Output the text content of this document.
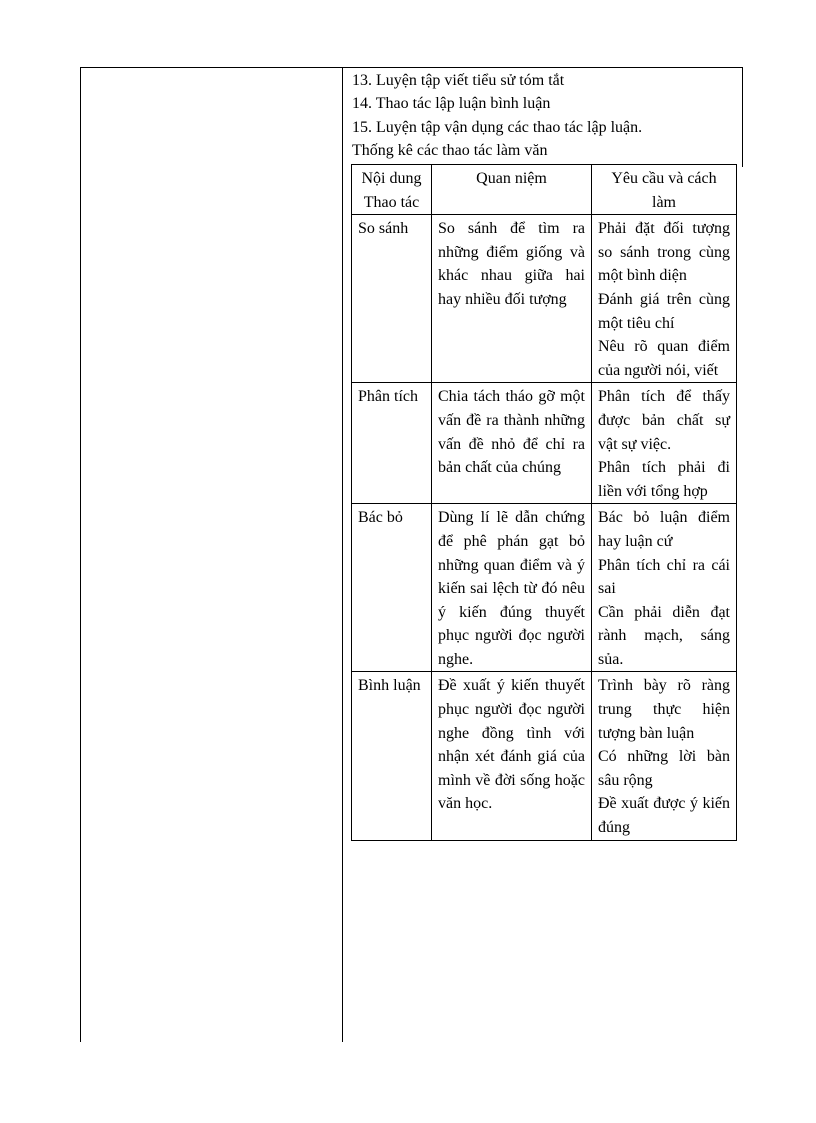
13. Luyện tập viết tiểu sử tóm tắt
14. Thao tác lập luận bình luận
15. Luyện tập vận dụng các thao tác lập luận.
Thống kê các thao tác làm văn
Nội dung Thao tác	Quan niệm	Yêu cầu và cách làm
So sánh	So sánh để tìm ra những điểm giống và khác nhau giữa hai hay nhiều đối tượng	Phải đặt đối tượng so sánh trong cùng một bình diện
Đánh giá trên cùng một tiêu chí
Nêu rõ quan điểm của người nói, viết

Phân tích	Chia tách tháo gỡ một vấn đề ra thành những vấn đề nhỏ để chỉ ra bản chất của chúng	Phân tích để thấy được bản chất sự vật sự việc.
Phân tích phải đi liền với tổng hợp

Bác bỏ	Dùng lí lẽ dẫn chứng để phê phán gạt bỏ những quan điểm và ý kiến sai lệch từ đó nêu ý kiến đúng thuyết phục người đọc người nghe.	Bác bỏ luận điểm hay luận cứ
Phân tích chỉ ra cái sai
Cần phải diễn đạt rành mạch, sáng sủa.

Bình luận	Đề xuất ý kiến thuyết phục người đọc người nghe đồng tình với nhận xét đánh giá của mình về đời sống hoặc văn học.	Trình bày rõ ràng trung thực hiện tượng bàn luận
Có những lời bàn sâu rộng
Đề xuất được ý kiến đúng
